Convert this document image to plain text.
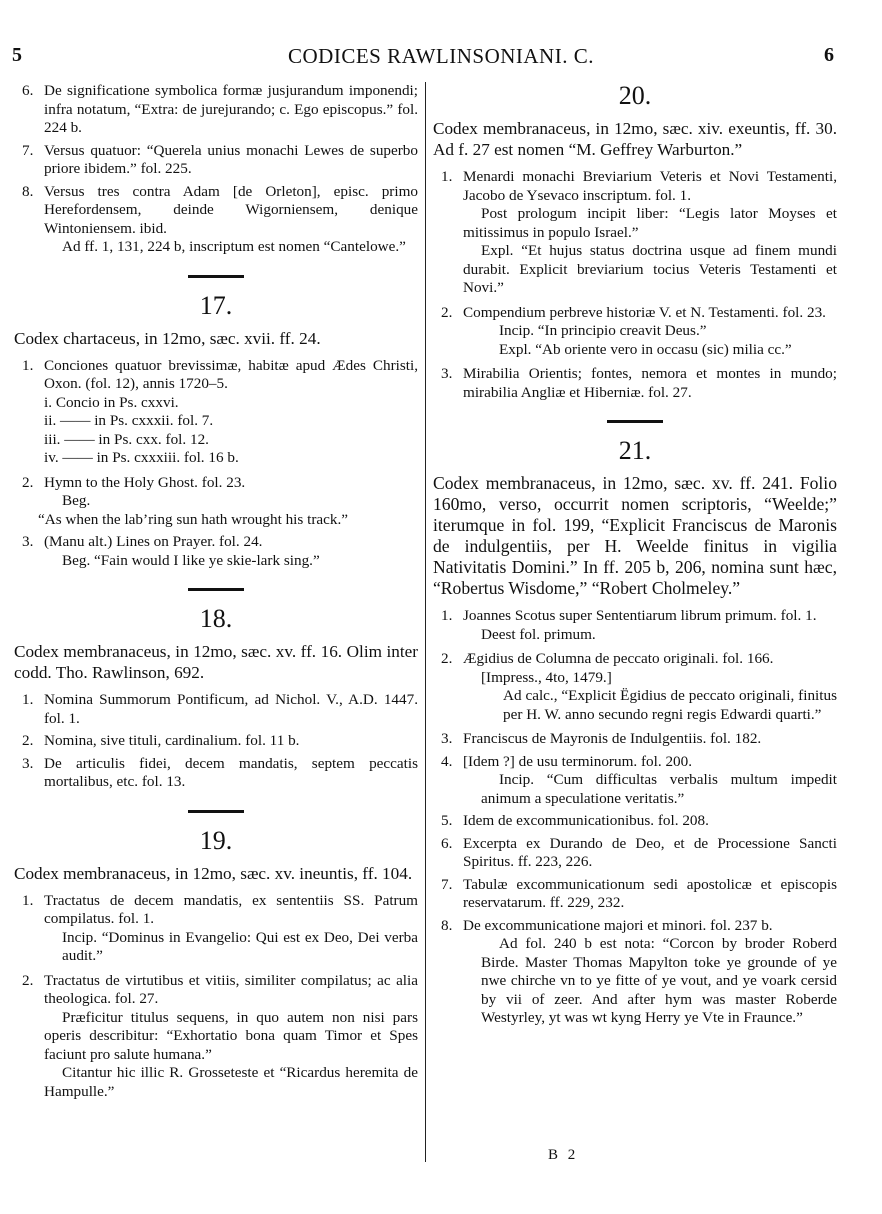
5	CODICES RAWLINSONIANI. C.	6

6. De significatione symbolica formæ jusjurandum imponendi; infra notatum, “Extra: de jurejurando; c. Ego episcopus.” fol. 224 b.

7. Versus quatuor: “Querela unius monachi Lewes de superbo priore ibidem.” fol. 225.

8. Versus tres contra Adam [de Orleton], episc. primo Herefordensem, deinde Wigorniensem, denique Wintoniensem. ibid.

Ad ff. 1, 131, 224 b, inscriptum est nomen “Cantelowe.”

17.

Codex chartaceus, in 12mo, sæc. xvii. ff. 24.

1. Conciones quatuor brevissimæ, habitæ apud Ædes Christi, Oxon. (fol. 12), annis 1720–5.

i. Concio in Ps. cxxvi.

ii. —— in Ps. cxxxii. fol. 7.

iii. —— in Ps. cxx. fol. 12.

iv. —— in Ps. cxxxiii. fol. 16 b.

2. Hymn to the Holy Ghost. fol. 23.

Beg.

“As when the lab’ring sun hath wrought his track.”

3. (Manu alt.) Lines on Prayer. fol. 24.

Beg. “Fain would I like ye skie-lark sing.”

18.

Codex membranaceus, in 12mo, sæc. xv. ff. 16. Olim inter codd. Tho. Rawlinson, 692.

1. Nomina Summorum Pontificum, ad Nichol. V., A.D. 1447. fol. 1.

2. Nomina, sive tituli, cardinalium. fol. 11 b.

3. De articulis fidei, decem mandatis, septem peccatis mortalibus, etc. fol. 13.

19.

Codex membranaceus, in 12mo, sæc. xv. ineuntis, ff. 104.

1. Tractatus de decem mandatis, ex sententiis SS. Patrum compilatus. fol. 1.

Incip. “Dominus in Evangelio: Qui est ex Deo, Dei verba audit.”

2. Tractatus de virtutibus et vitiis, similiter compilatus; ac alia theologica. fol. 27.

Præficitur titulus sequens, in quo autem non nisi pars operis describitur: “Exhortatio bona quam Timor et Spes faciunt pro salute humana.”

Citantur hic illic R. Grosseteste et “Ricardus heremita de Hampulle.”

20.

Codex membranaceus, in 12mo, sæc. xiv. exeuntis, ff. 30. Ad f. 27 est nomen “M. Geffrey Warburton.”

1. Menardi monachi Breviarium Veteris et Novi Testamenti, Jacobo de Ysevaco inscriptum. fol. 1.

Post prologum incipit liber: “Legis lator Moyses et mitissimus in populo Israel.”

Expl. “Et hujus status doctrina usque ad finem mundi durabit. Explicit breviarium tocius Veteris Testamenti et Novi.”

2. Compendium perbreve historiæ V. et N. Testamenti. fol. 23.

Incip. “In principio creavit Deus.”

Expl. “Ab oriente vero in occasu (sic) milia cc.”

3. Mirabilia Orientis; fontes, nemora et montes in mundo; mirabilia Angliæ et Hiberniæ. fol. 27.

21.

Codex membranaceus, in 12mo, sæc. xv. ff. 241. Folio 160mo, verso, occurrit nomen scriptoris, “Weelde;” iterumque in fol. 199, “Explicit Franciscus de Maronis de indulgentiis, per H. Weelde finitus in vigilia Nativitatis Domini.” In ff. 205 b, 206, nomina sunt hæc, “Robertus Wisdome,” “Robert Cholmeley.”

1. Joannes Scotus super Sententiarum librum primum. fol. 1.

Deest fol. primum.

2. Ægidius de Columna de peccato originali. fol. 166.

[Impress., 4to, 1479.]

Ad calc., “Explicit Ëgidius de peccato originali, finitus per H. W. anno secundo regni regis Edwardi quarti.”

3. Franciscus de Mayronis de Indulgentiis. fol. 182.

4. [Idem ?] de usu terminorum. fol. 200.

Incip. “Cum difficultas verbalis multum impedit animum a speculatione veritatis.”

5. Idem de excommunicationibus. fol. 208.

6. Excerpta ex Durando de Deo, et de Processione Sancti Spiritus. ff. 223, 226.

7. Tabulæ excommunicationum sedi apostolicæ et episcopis reservatarum. ff. 229, 232.

8. De excommunicatione majori et minori. fol. 237 b.

Ad fol. 240 b est nota: “Corcon by broder Roberd Birde. Master Thomas Mapylton toke ye grounde of ye nwe chirche vn to ye fitte of ye vout, and ye voark cersid by vii of zeer. And after hym was master Roberde Westyrley, yt was wt kyng Herry ye Vte in Fraunce.”

B 2
